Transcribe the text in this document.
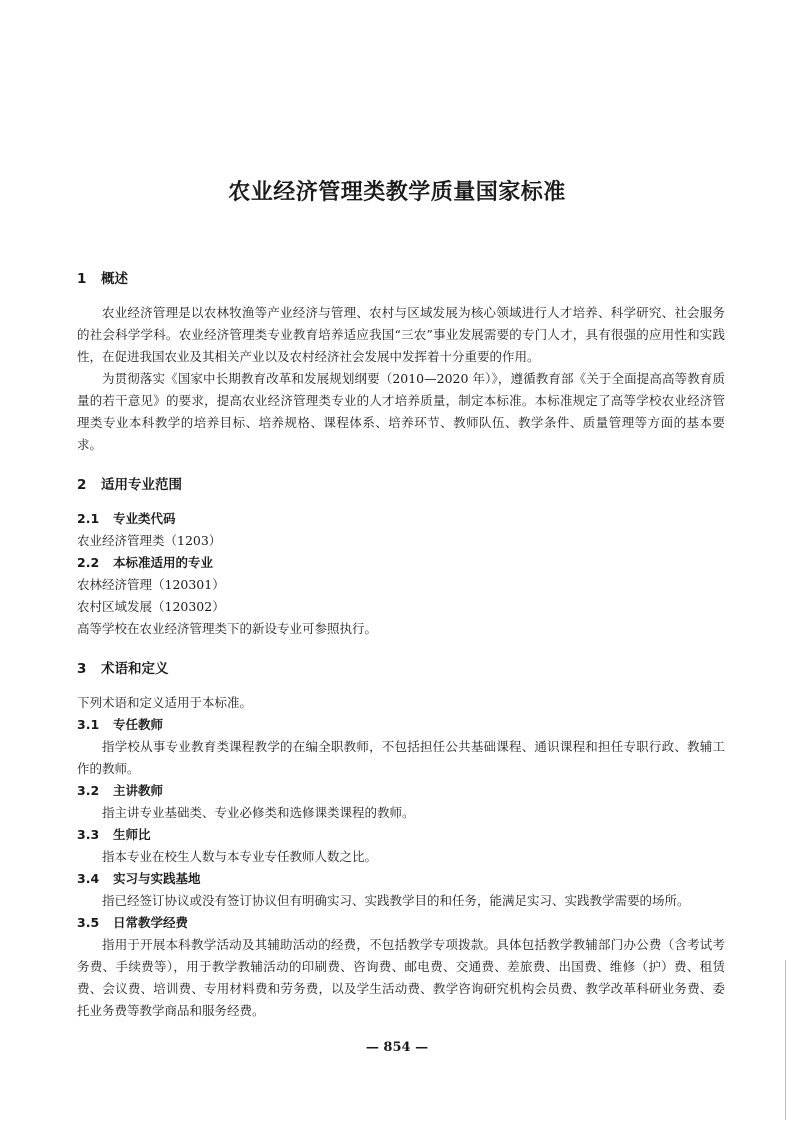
农业经济管理类教学质量国家标准
1 概述

农业经济管理是以农林牧渔等产业经济与管理、农村与区域发展为核心领域进行人才培养、科学研究、社会服务的社会科学学科。农业经济管理类专业教育培养适应我国“三农”事业发展需要的专门人才，具有很强的应用性和实践性，在促进我国农业及其相关产业以及农村经济社会发展中发挥着十分重要的作用。

为贯彻落实《国家中长期教育改革和发展规划纲要（2010—2020 年）》，遵循教育部《关于全面提高高等教育质量的若干意见》的要求，提高农业经济管理类专业的人才培养质量，制定本标准。本标准规定了高等学校农业经济管理类专业本科教学的培养目标、培养规格、课程体系、培养环节、教师队伍、教学条件、质量管理等方面的基本要求。

2 适用专业范围
2.1 专业类代码

农业经济管理类（1203）

2.2 本标准适用的专业

农林经济管理（120301）

农村区域发展（120302）

高等学校在农业经济管理类下的新设专业可参照执行。

3 术语和定义

下列术语和定义适用于本标准。

3.1 专任教师

指学校从事专业教育类课程教学的在编全职教师，不包括担任公共基础课程、通识课程和担任专职行政、教辅工作的教师。

3.2 主讲教师

指主讲专业基础类、专业必修类和选修课类课程的教师。

3.3 生师比

指本专业在校生人数与本专业专任教师人数之比。

3.4 实习与实践基地

指已经签订协议或没有签订协议但有明确实习、实践教学目的和任务，能满足实习、实践教学需要的场所。

3.5 日常教学经费

指用于开展本科教学活动及其辅助活动的经费，不包括教学专项拨款。具体包括教学教辅部门办公费（含考试考务费、手续费等），用于教学教辅活动的印刷费、咨询费、邮电费、交通费、差旅费、出国费、维修（护）费、租赁费、会议费、培训费、专用材料费和劳务费，以及学生活动费、教学咨询研究机构会员费、教学改革科研业务费、委托业务费等教学商品和服务经费。

— 854 —
